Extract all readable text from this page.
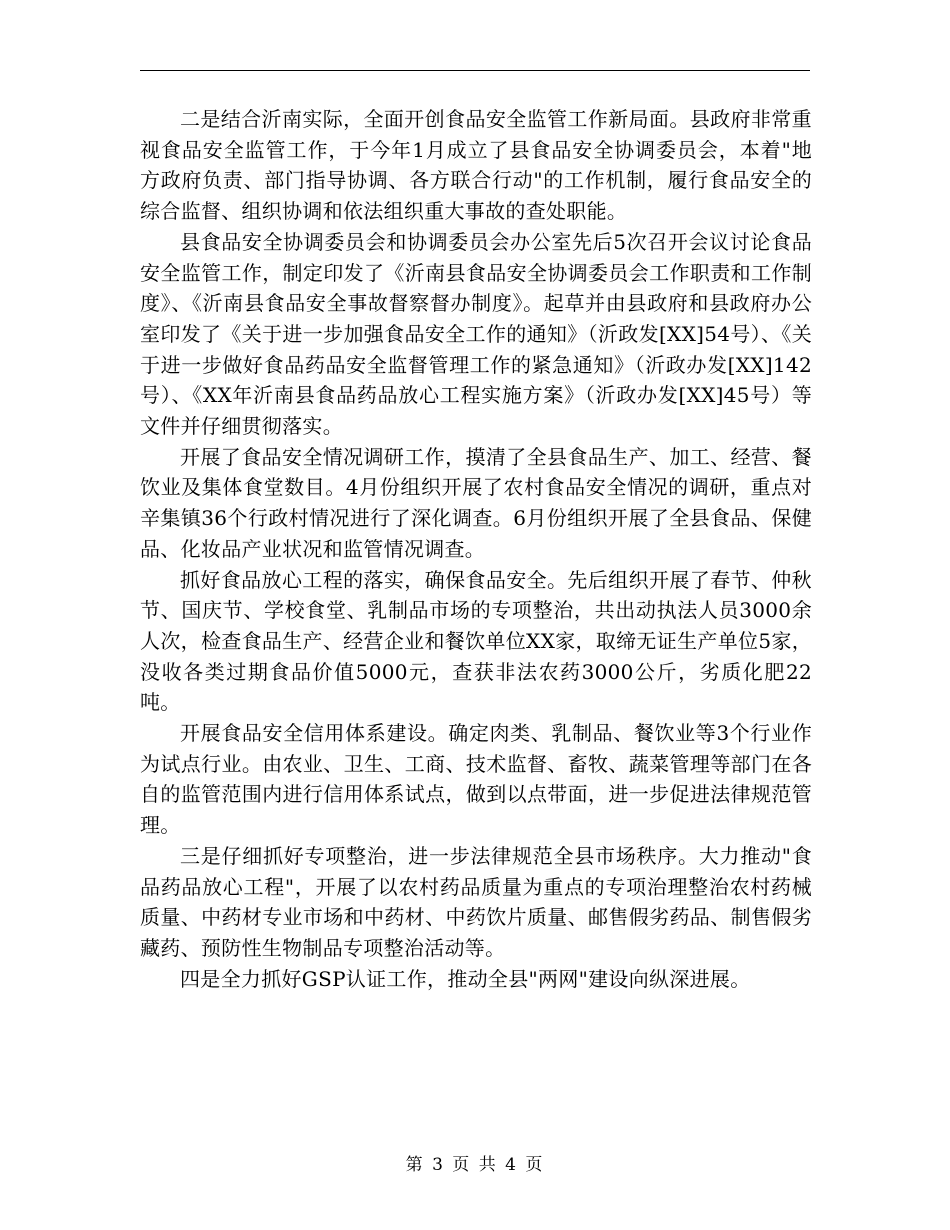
二是结合沂南实际，全面开创食品安全监管工作新局面。县政府非常重视食品安全监管工作，于今年1月成立了县食品安全协调委员会，本着"地方政府负责、部门指导协调、各方联合行动"的工作机制，履行食品安全的综合监督、组织协调和依法组织重大事故的查处职能。

县食品安全协调委员会和协调委员会办公室先后5次召开会议讨论食品安全监管工作，制定印发了《沂南县食品安全协调委员会工作职责和工作制度》、《沂南县食品安全事故督察督办制度》。起草并由县政府和县政府办公室印发了《关于进一步加强食品安全工作的通知》（沂政发[XX]54号）、《关于进一步做好食品药品安全监督管理工作的紧急通知》（沂政办发[XX]142号）、《XX年沂南县食品药品放心工程实施方案》（沂政办发[XX]45号）等文件并仔细贯彻落实。

开展了食品安全情况调研工作，摸清了全县食品生产、加工、经营、餐饮业及集体食堂数目。4月份组织开展了农村食品安全情况的调研，重点对辛集镇36个行政村情况进行了深化调查。6月份组织开展了全县食品、保健品、化妆品产业状况和监管情况调查。

抓好食品放心工程的落实，确保食品安全。先后组织开展了春节、仲秋节、国庆节、学校食堂、乳制品市场的专项整治，共出动执法人员3000余人次，检查食品生产、经营企业和餐饮单位XX家，取缔无证生产单位5家，没收各类过期食品价值5000元，查获非法农药3000公斤，劣质化肥22吨。

开展食品安全信用体系建设。确定肉类、乳制品、餐饮业等3个行业作为试点行业。由农业、卫生、工商、技术监督、畜牧、蔬菜管理等部门在各自的监管范围内进行信用体系试点，做到以点带面，进一步促进法律规范管理。

三是仔细抓好专项整治，进一步法律规范全县市场秩序。大力推动"食品药品放心工程"，开展了以农村药品质量为重点的专项治理整治农村药械质量、中药材专业市场和中药材、中药饮片质量、邮售假劣药品、制售假劣藏药、预防性生物制品专项整治活动等。

四是全力抓好GSP认证工作，推动全县"两网"建设向纵深进展。

第 3 页 共 4 页
